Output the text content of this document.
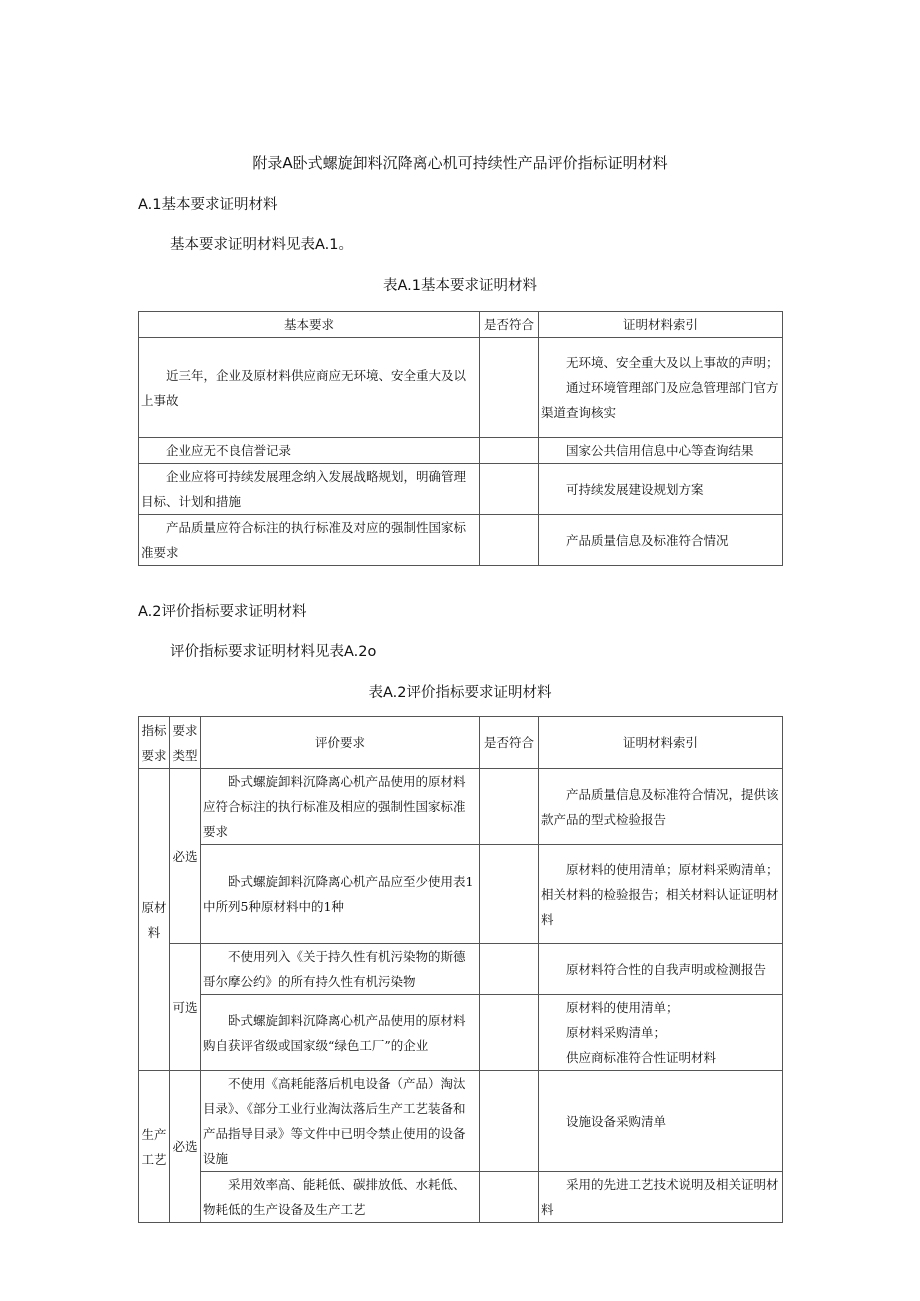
附录A卧式螺旋卸料沉降离心机可持续性产品评价指标证明材料
A.1基本要求证明材料
基本要求证明材料见表A.1。
表A.1基本要求证明材料
基本要求	是否符合	证明材料索引
近三年，企业及原材料供应商应无环境、安全重大及以上事故		无环境、安全重大及以上事故的声明；
通过环境管理部门及应急管理部门官方渠道查询核实

企业应无不良信誉记录		国家公共信用信息中心等查询结果
企业应将可持续发展理念纳入发展战略规划，明确管理目标、计划和措施		可持续发展建设规划方案
产品质量应符合标注的执行标准及对应的强制性国家标准要求		产品质量信息及标准符合情况
A.2评价指标要求证明材料
评价指标要求证明材料见表A.2o
表A.2评价指标要求证明材料
指标要求	要求类型	评价要求	是否符合	证明材料索引
原材料	必选	卧式螺旋卸料沉降离心机产品使用的原材料应符合标注的执行标准及相应的强制性国家标准要求		产品质量信息及标准符合情况，提供该款产品的型式检验报告
		卧式螺旋卸料沉降离心机产品应至少使用表1中所列5种原材料中的1种		原材料的使用清单；原材料采购清单；相关材料的检验报告；相关材料认证证明材料
	可选	不使用列入《关于持久性有机污染物的斯德哥尔摩公约》的所有持久性有机污染物		原材料符合性的自我声明或检测报告
		卧式螺旋卸料沉降离心机产品使用的原材料购自获评省级或国家级“绿色工厂”的企业		原材料的使用清单；
原材料采购清单；
供应商标准符合性证明材料

生产工艺	必选	不使用《高耗能落后机电设备（产品）淘汰目录》、《部分工业行业淘汰落后生产工艺装备和产品指导目录》等文件中已明令禁止使用的设备设施		设施设备采购清单
		采用效率高、能耗低、碳排放低、水耗低、物耗低的生产设备及生产工艺		采用的先进工艺技术说明及相关证明材料
